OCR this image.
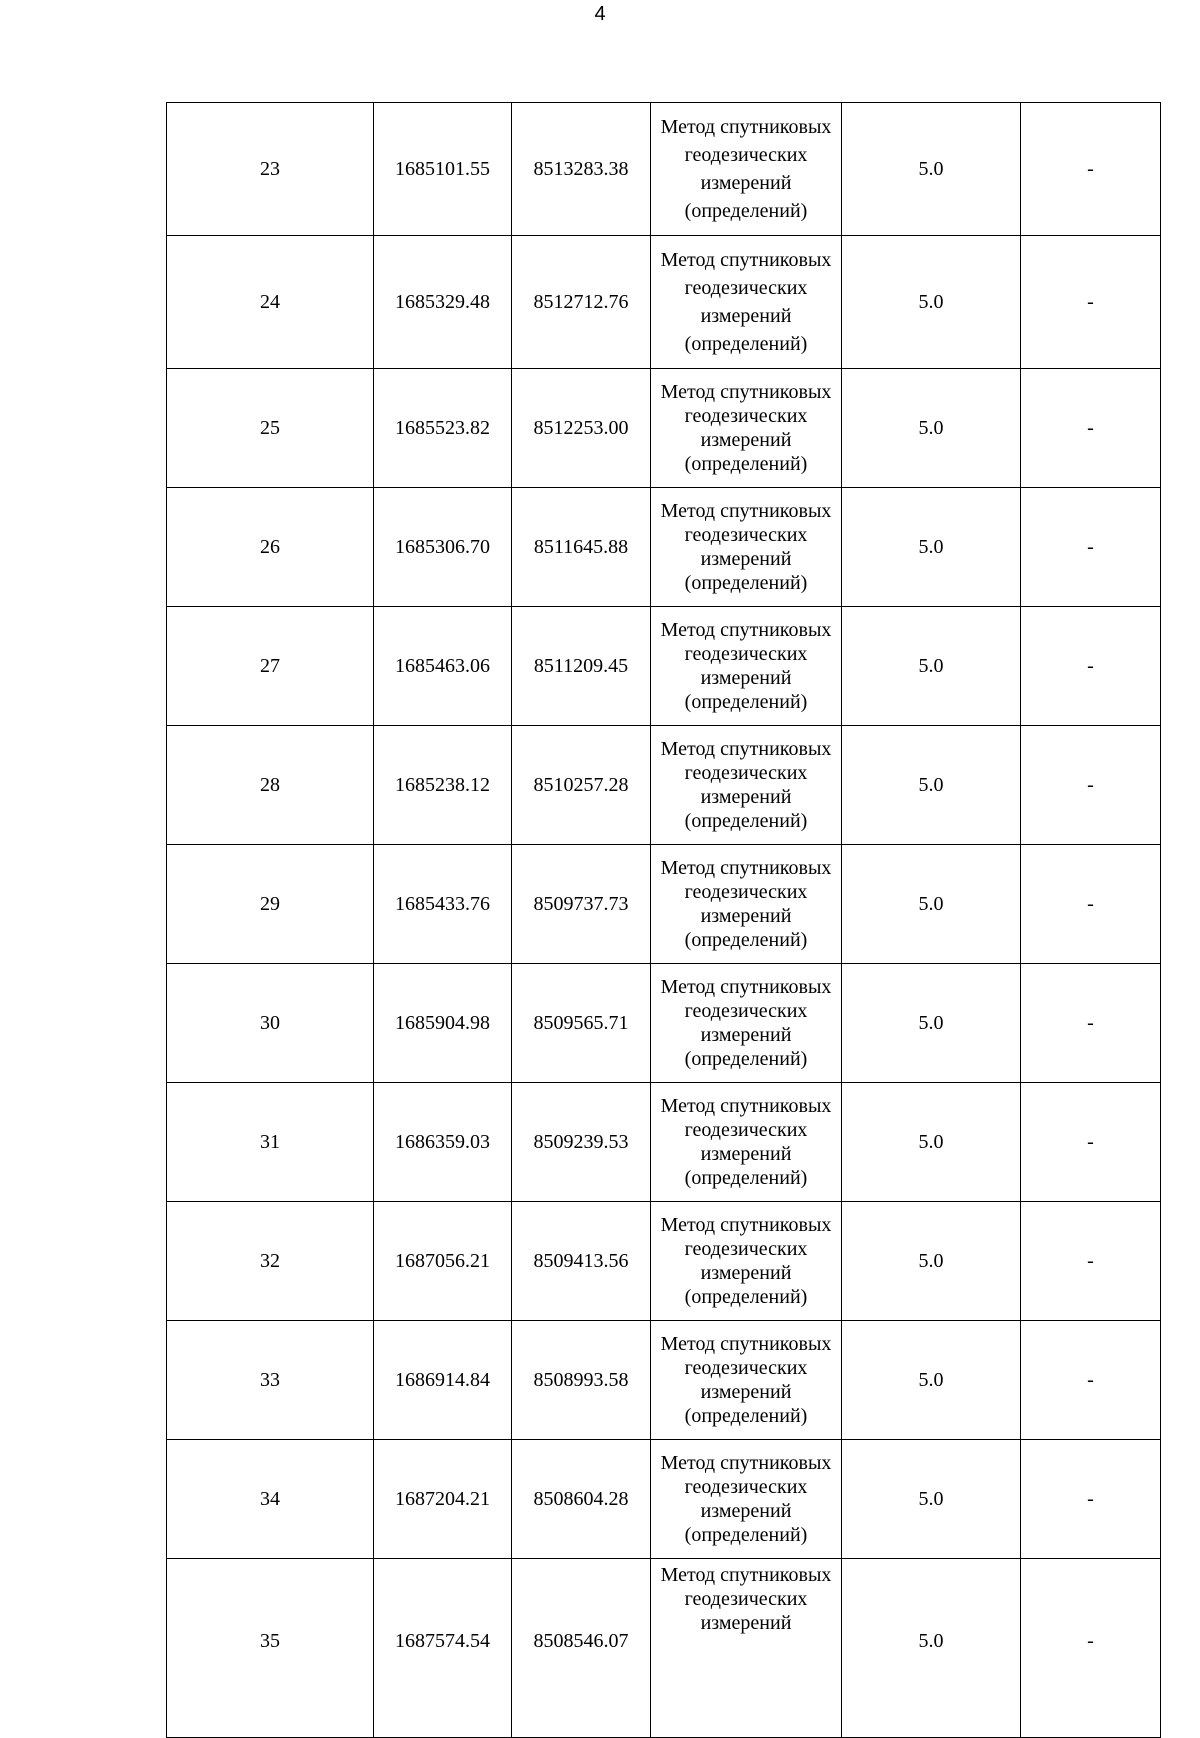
4
23	1685101.55	8513283.38	Метод спутниковых геодезических измерений (определений)	5.0	-
24	1685329.48	8512712.76	Метод спутниковых геодезических измерений (определений)	5.0	-
25	1685523.82	8512253.00	Метод спутниковых геодезических измерений (определений)	5.0	-
26	1685306.70	8511645.88	Метод спутниковых геодезических измерений (определений)	5.0	-
27	1685463.06	8511209.45	Метод спутниковых геодезических измерений (определений)	5.0	-
28	1685238.12	8510257.28	Метод спутниковых геодезических измерений (определений)	5.0	-
29	1685433.76	8509737.73	Метод спутниковых геодезических измерений (определений)	5.0	-
30	1685904.98	8509565.71	Метод спутниковых геодезических измерений (определений)	5.0	-
31	1686359.03	8509239.53	Метод спутниковых геодезических измерений (определений)	5.0	-
32	1687056.21	8509413.56	Метод спутниковых геодезических измерений (определений)	5.0	-
33	1686914.84	8508993.58	Метод спутниковых геодезических измерений (определений)	5.0	-
34	1687204.21	8508604.28	Метод спутниковых геодезических измерений (определений)	5.0	-
35	1687574.54	8508546.07	Метод спутниковых геодезических измерений	5.0	-
